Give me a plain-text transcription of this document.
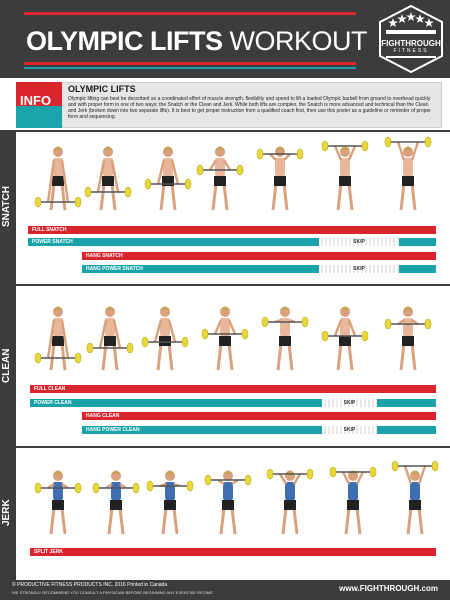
OLYMPIC LIFTS WORKOUT	FIGHTHROUGH
FITNESS
INFO
OLYMPIC LIFTS
Olympic lifting can best be described as a coordinated effort of muscle strength, flexibility and speed to lift a loaded Olympic barbell from ground to overhead quickly and with proper form in one of two ways; the Snatch or the Clean and Jerk. While both lifts are complex, the Snatch is more advanced and technical than the Clean and Jerk (broken down into two separate lifts). It is best to get proper instruction from a qualified coach first, then use this poster as a guideline or reminder of proper form and sequencing.
SNATCH
FULL SNATCH
POWER SNATCH	SKIP
HANG SNATCH
HANG POWER SNATCH	SKIP
CLEAN
FULL CLEAN
POWER CLEAN	SKIP
HANG CLEAN
HANG POWER CLEAN	SKIP
JERK
SPLIT JERK
© PRODUCTIVE FITNESS PRODUCTS INC. 2016 Printed in Canada
WE STRONGLY RECOMMEND YOU CONSULT A PHYSICIAN BEFORE BEGINNING ANY EXERCISE REGIME.	www.FIGHTHROUGH.com
